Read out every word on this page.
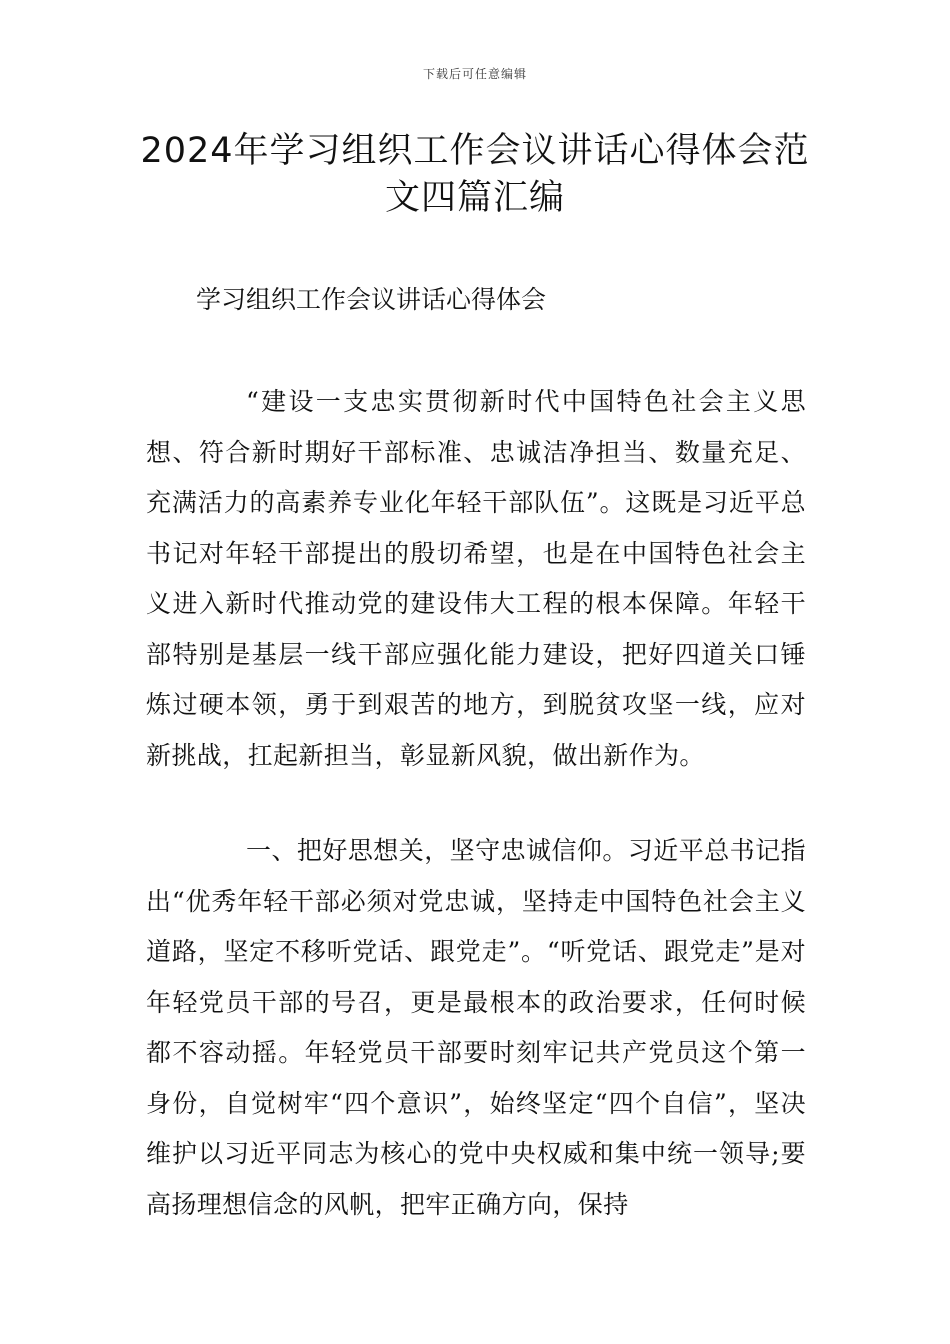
下载后可任意编辑
2024年学习组织工作会议讲话心得体会范文四篇汇编

学习组织工作会议讲话心得体会

“建设一支忠实贯彻新时代中国特色社会主义思想、符合新时期好干部标准、忠诚洁净担当、数量充足、充满活力的高素养专业化年轻干部队伍”。这既是习近平总书记对年轻干部提出的殷切希望，也是在中国特色社会主义进入新时代推动党的建设伟大工程的根本保障。年轻干部特别是基层一线干部应强化能力建设，把好四道关口锤炼过硬本领，勇于到艰苦的地方，到脱贫攻坚一线，应对新挑战，扛起新担当，彰显新风貌，做出新作为。

一、把好思想关，坚守忠诚信仰。习近平总书记指出“优秀年轻干部必须对党忠诚，坚持走中国特色社会主义道路，坚定不移听党话、跟党走”。“听党话、跟党走”是对年轻党员干部的号召，更是最根本的政治要求，任何时候都不容动摇。年轻党员干部要时刻牢记共产党员这个第一身份，自觉树牢“四个意识”，始终坚定“四个自信”，坚决维护以习近平同志为核心的党中央权威和集中统一领导;要高扬理想信念的风帆，把牢正确方向，保持
